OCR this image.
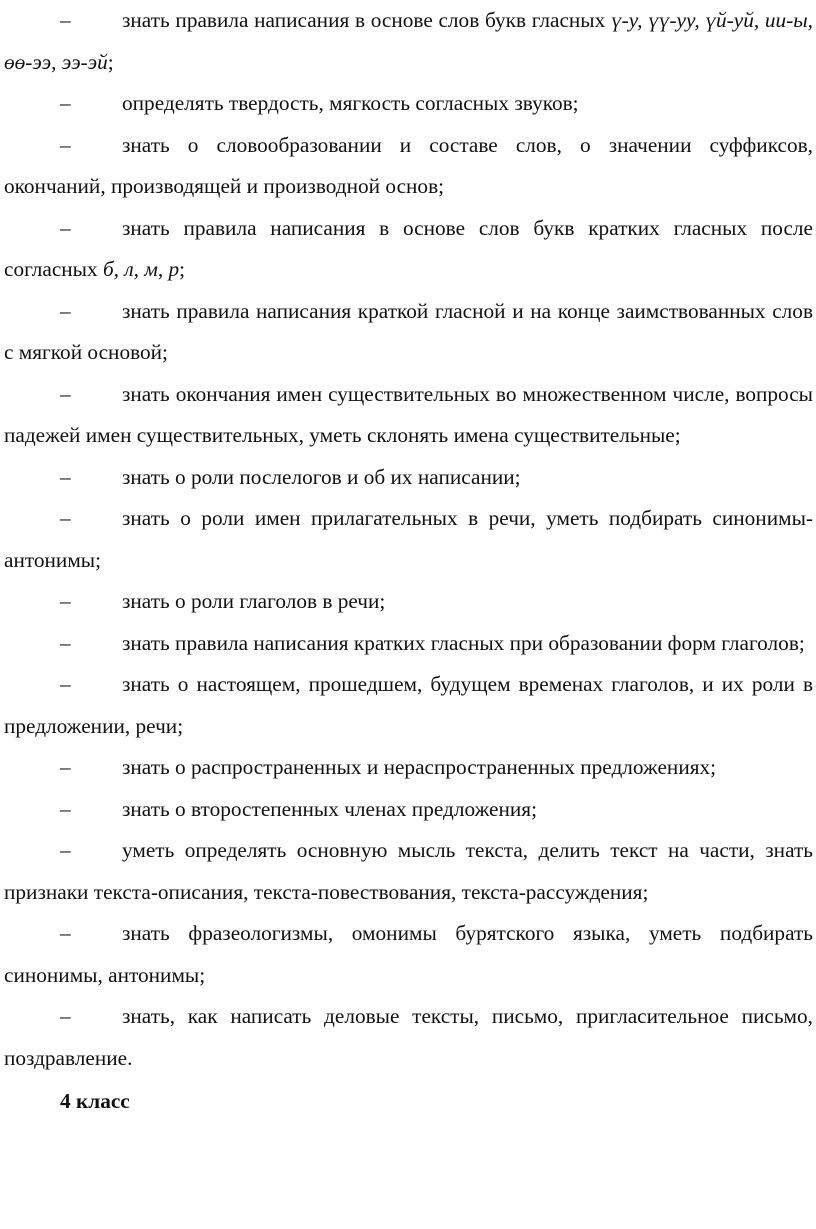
– знать правила написания в основе слов букв гласных ү-у, үү-уу, үй-уй, ии-ы, өө-ээ, ээ-эй;

– определять твердость, мягкость согласных звуков;

– знать о словообразовании и составе слов, о значении суффиксов, окончаний, производящей и производной основ;

– знать правила написания в основе слов букв кратких гласных после согласных б, л, м, р;

– знать правила написания краткой гласной и на конце заимствованных слов с мягкой основой;

– знать окончания имен существительных во множественном числе, вопросы падежей имен существительных, уметь склонять имена существительные;

– знать о роли послелогов и об их написании;

– знать о роли имен прилагательных в речи, уметь подбирать синонимы-антонимы;

– знать о роли глаголов в речи;

– знать правила написания кратких гласных при образовании форм глаголов;

– знать о настоящем, прошедшем, будущем временах глаголов, и их роли в предложении, речи;

– знать о распространенных и нераспространенных предложениях;

– знать о второстепенных членах предложения;

– уметь определять основную мысль текста, делить текст на части, знать признаки текста-описания, текста-повествования, текста-рассуждения;

– знать фразеологизмы, омонимы бурятского языка, уметь подбирать синонимы, антонимы;

– знать, как написать деловые тексты, письмо, пригласительное письмо, поздравление.

4 класс
